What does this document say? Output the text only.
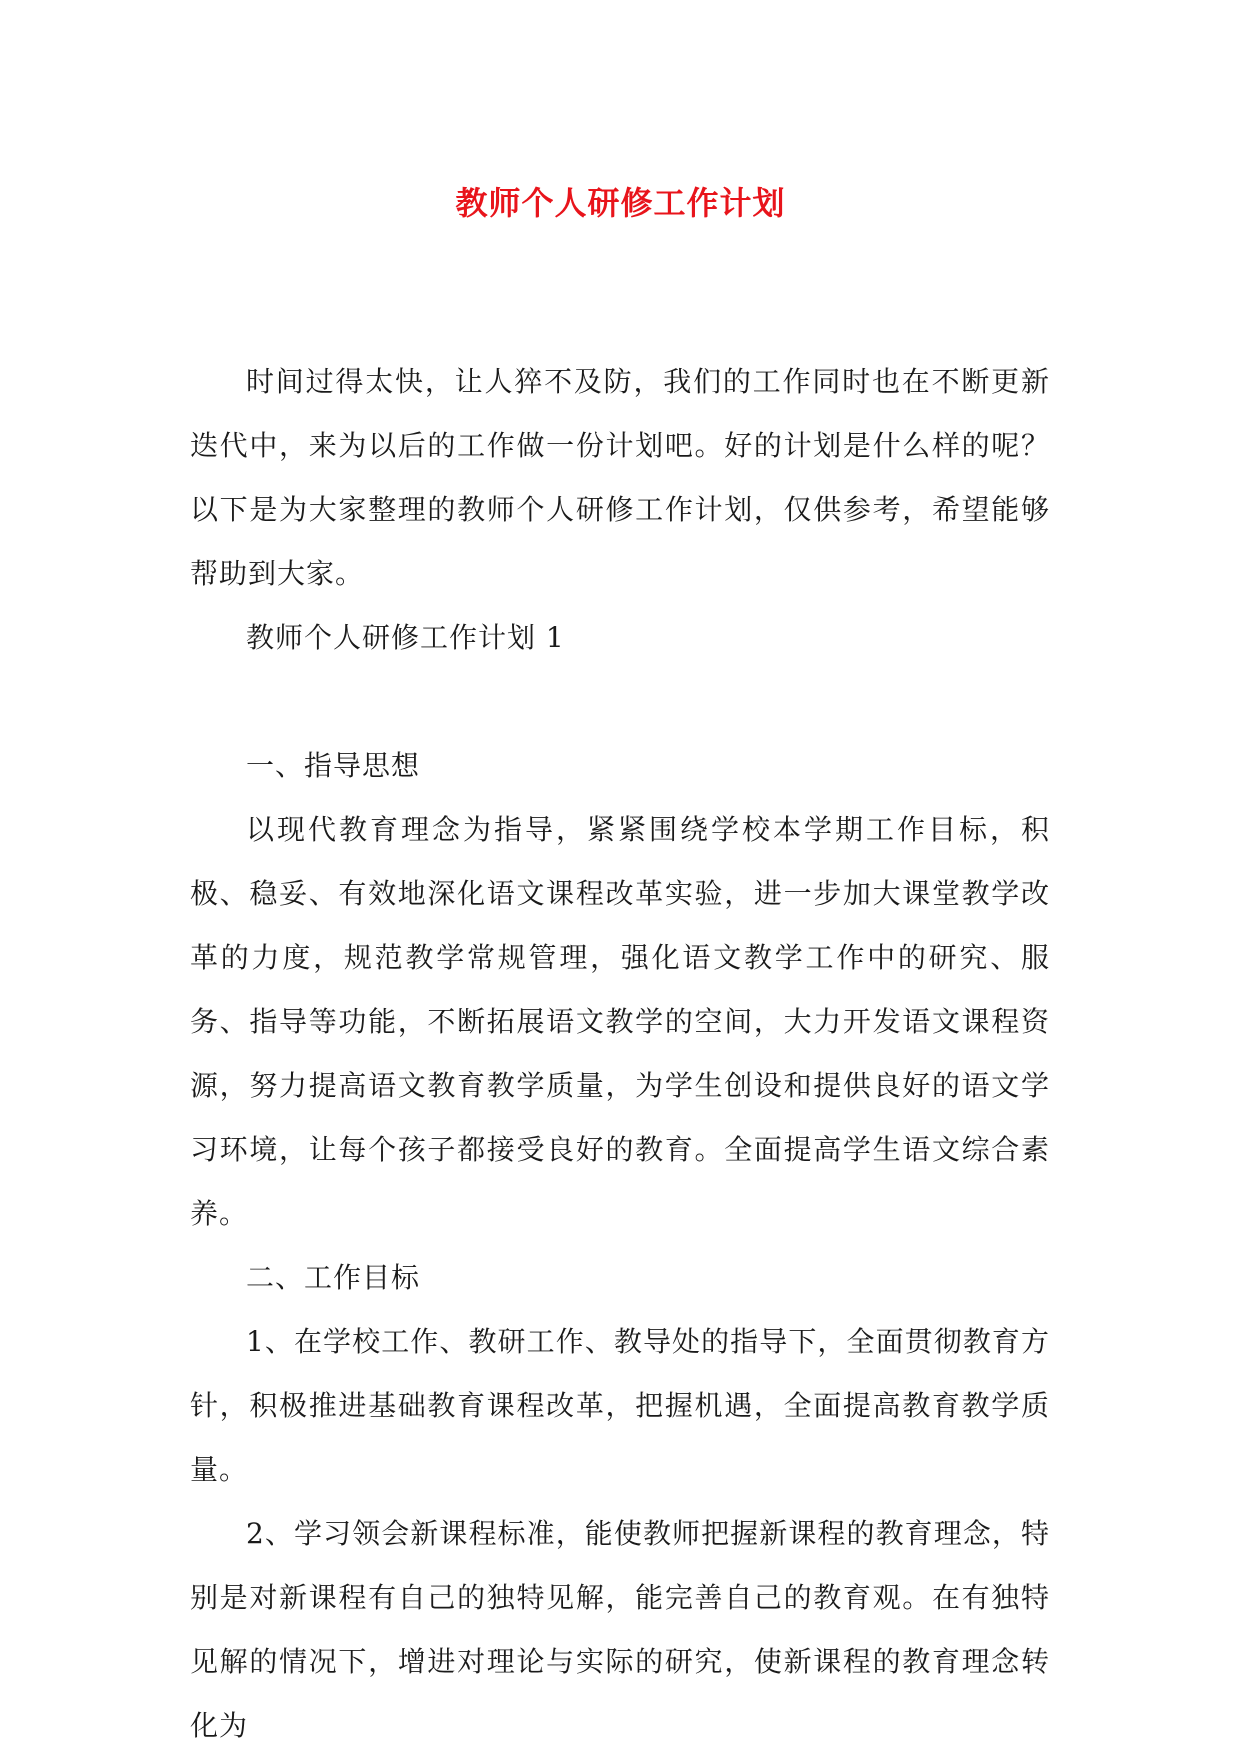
教师个人研修工作计划

时间过得太快，让人猝不及防，我们的工作同时也在不断更新迭代中，来为以后的工作做一份计划吧。好的计划是什么样的呢？以下是为大家整理的教师个人研修工作计划，仅供参考，希望能够帮助到大家。

教师个人研修工作计划 1

一、指导思想

以现代教育理念为指导，紧紧围绕学校本学期工作目标，积极、稳妥、有效地深化语文课程改革实验，进一步加大课堂教学改革的力度，规范教学常规管理，强化语文教学工作中的研究、服务、指导等功能，不断拓展语文教学的空间，大力开发语文课程资源，努力提高语文教育教学质量，为学生创设和提供良好的语文学习环境，让每个孩子都接受良好的教育。全面提高学生语文综合素养。

二、工作目标

1、在学校工作、教研工作、教导处的指导下，全面贯彻教育方针，积极推进基础教育课程改革，把握机遇，全面提高教育教学质量。

2、学习领会新课程标准，能使教师把握新课程的教育理念，特别是对新课程有自己的独特见解，能完善自己的教育观。在有独特见解的情况下，增进对理论与实际的研究，使新课程的教育理念转化为
